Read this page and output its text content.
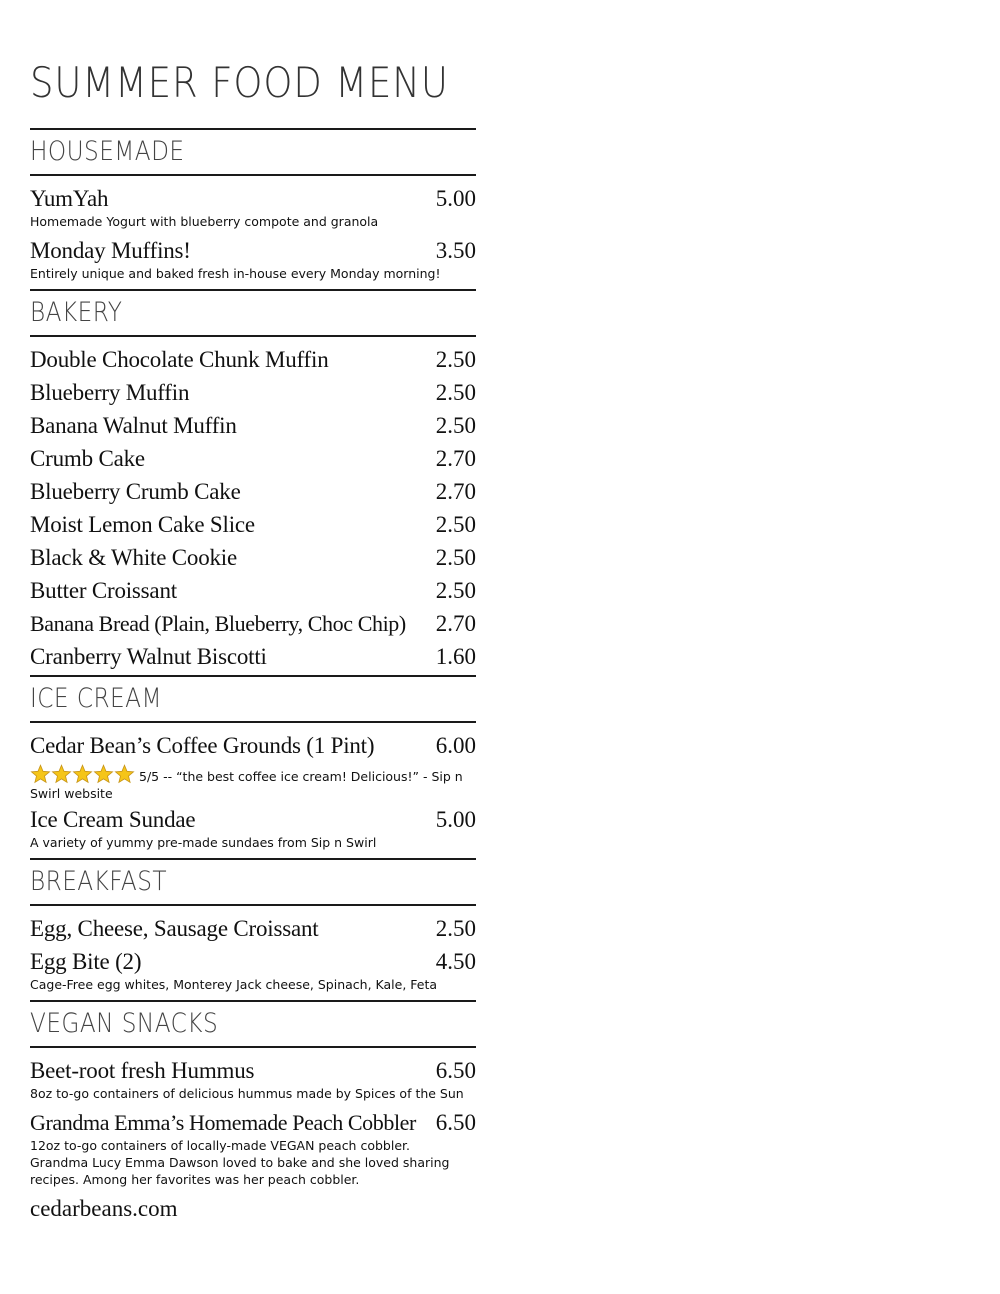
SUMMER FOOD MENU
HOUSEMADE
YumYah	5.00
Homemade Yogurt with blueberry compote and granola
Monday Muffins!	3.50
Entirely unique and baked fresh in-house every Monday morning!
BAKERY
Double Chocolate Chunk Muffin	2.50
Blueberry Muffin	2.50
Banana Walnut Muffin	2.50
Crumb Cake	2.70
Blueberry Crumb Cake	2.70
Moist Lemon Cake Slice	2.50
Black & White Cookie	2.50
Butter Croissant	2.50
Banana Bread (Plain, Blueberry, Choc Chip) 2.70
Cranberry Walnut Biscotti	1.60
ICE CREAM
Cedar Bean’s Coffee Grounds (1 Pint)	6.00
5/5 -- “the best coffee ice cream! Delicious!” - Sip n Swirl website
Ice Cream Sundae	5.00
A variety of yummy pre-made sundaes from Sip n Swirl
BREAKFAST
Egg, Cheese, Sausage Croissant	2.50
Egg Bite (2)	4.50
Cage-Free egg whites, Monterey Jack cheese, Spinach, Kale, Feta
VEGAN SNACKS
Beet-root fresh Hummus	6.50
8oz to-go containers of delicious hummus made by Spices of the Sun
Grandma Emma’s Homemade Peach Cobbler 6.50
12oz to-go containers of locally-made VEGAN peach cobbler. Grandma Lucy Emma Dawson loved to bake and she loved sharing recipes. Among her favorites was her peach cobbler.
cedarbeans.com
